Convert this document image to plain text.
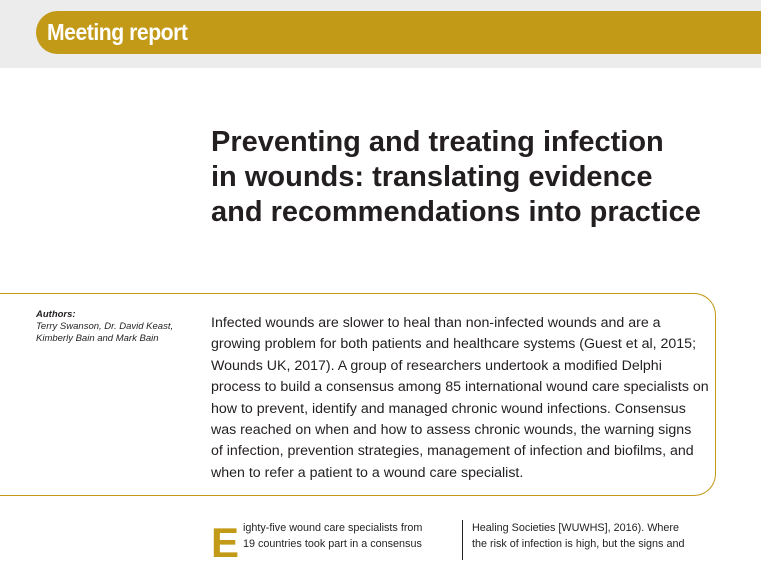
Meeting report
Preventing and treating infection
in wounds: translating evidence
and recommendations into practice
Authors:
Terry Swanson, Dr. David Keast,
Kimberly Bain and Mark Bain
Infected wounds are slower to heal than non-infected wounds and are a
growing problem for both patients and healthcare systems (Guest et al, 2015;
Wounds UK, 2017). A group of researchers undertook a modified Delphi
process to build a consensus among 85 international wound care specialists on
how to prevent, identify and managed chronic wound infections. Consensus
was reached on when and how to assess chronic wounds, the warning signs
of infection, prevention strategies, management of infection and biofilms, and
when to refer a patient to a wound care specialist.
E ighty-five wound care specialists from
19 countries took part in a consensus
Healing Societies [WUWHS], 2016). Where
the risk of infection is high, but the signs and
